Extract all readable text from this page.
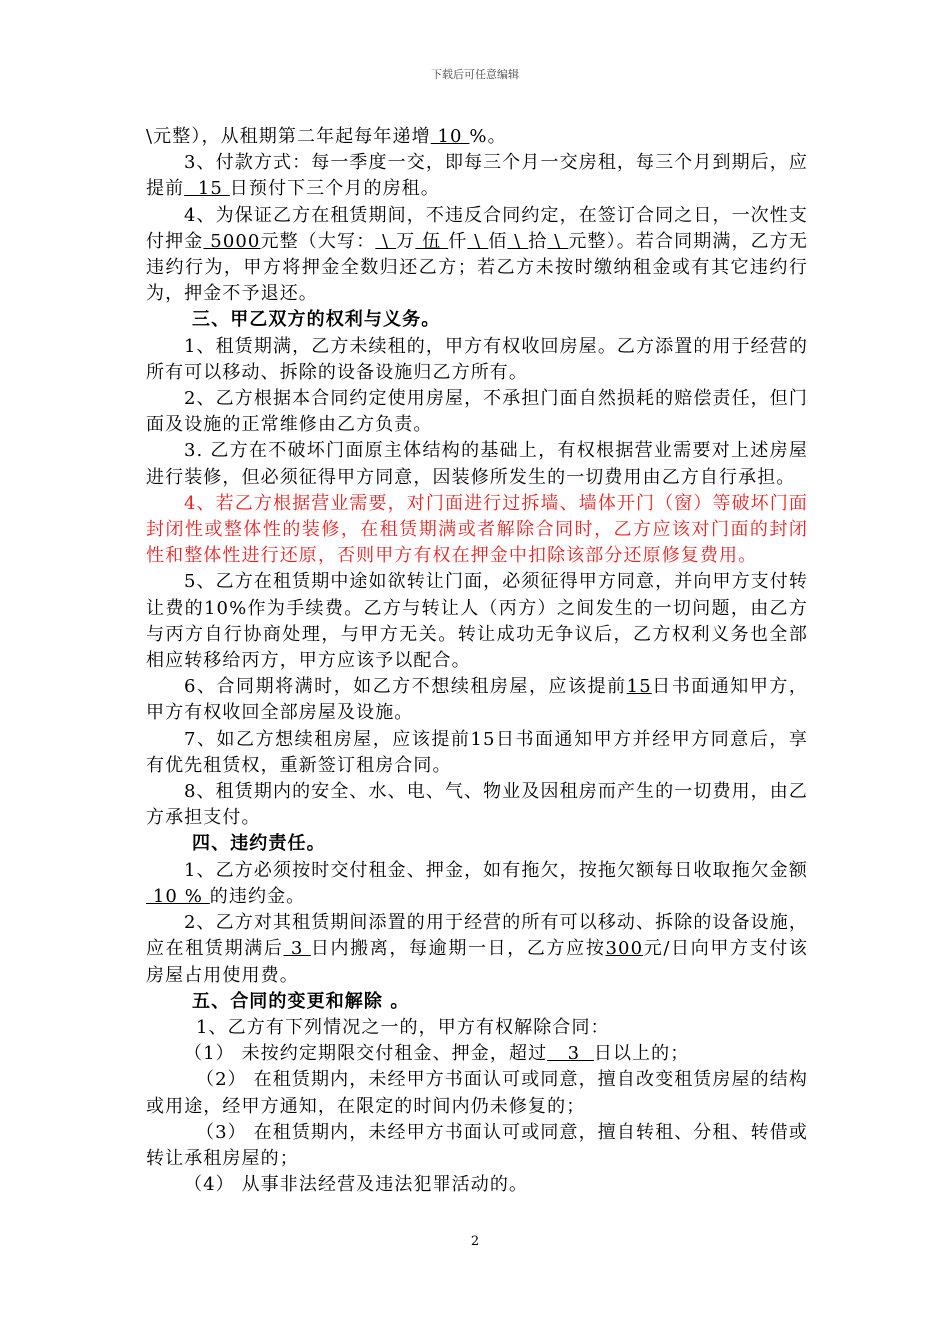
下载后可任意编辑

\元整），从租期第二年起每年递增 10 %。

3、付款方式：每一季度一交，即每三个月一交房租，每三个月到期后，应提前  15 日预付下三个月的房租。

4、为保证乙方在租赁期间，不违反合同约定，在签订合同之日，一次性支付押金 5000元整（大写： \ 万 伍 仟 \ 佰 \ 拾 \ 元整）。若合同期满，乙方无违约行为，甲方将押金全数归还乙方；若乙方未按时缴纳租金或有其它违约行为，押金不予退还。

三、甲乙双方的权利与义务。

1、租赁期满，乙方未续租的，甲方有权收回房屋。乙方添置的用于经营的所有可以移动、拆除的设备设施归乙方所有。

2、乙方根据本合同约定使用房屋，不承担门面自然损耗的赔偿责任，但门面及设施的正常维修由乙方负责。

3. 乙方在不破坏门面原主体结构的基础上，有权根据营业需要对上述房屋进行装修，但必须征得甲方同意，因装修所发生的一切费用由乙方自行承担。

4、若乙方根据营业需要，对门面进行过拆墙、墙体开门（窗）等破坏门面封闭性或整体性的装修，在租赁期满或者解除合同时，乙方应该对门面的封闭性和整体性进行还原，否则甲方有权在押金中扣除该部分还原修复费用。

5、乙方在租赁期中途如欲转让门面，必须征得甲方同意，并向甲方支付转让费的10%作为手续费。乙方与转让人（丙方）之间发生的一切问题，由乙方与丙方自行协商处理，与甲方无关。转让成功无争议后，乙方权利义务也全部相应转移给丙方，甲方应该予以配合。

6、合同期将满时，如乙方不想续租房屋，应该提前15日书面通知甲方，甲方有权收回全部房屋及设施。

7、如乙方想续租房屋，应该提前15日书面通知甲方并经甲方同意后，享有优先租赁权，重新签订租房合同。

8、租赁期内的安全、水、电、气、物业及因租房而产生的一切费用，由乙方承担支付。

四、违约责任。

1、乙方必须按时交付租金、押金，如有拖欠，按拖欠额每日收取拖欠金额 10 % 的违约金。

2、乙方对其租赁期间添置的用于经营的所有可以移动、拆除的设备设施，应在租赁期满后 3 日内搬离，每逾期一日，乙方应按300元/日向甲方支付该房屋占用使用费。

五、合同的变更和解除 。

1、乙方有下列情况之一的，甲方有权解除合同：

（1） 未按约定期限交付租金、押金，超过   3  日以上的；

（2） 在租赁期内，未经甲方书面认可或同意，擅自改变租赁房屋的结构或用途，经甲方通知，在限定的时间内仍未修复的；

（3） 在租赁期内，未经甲方书面认可或同意，擅自转租、分租、转借或转让承租房屋的；

（4） 从事非法经营及违法犯罪活动的。

2
